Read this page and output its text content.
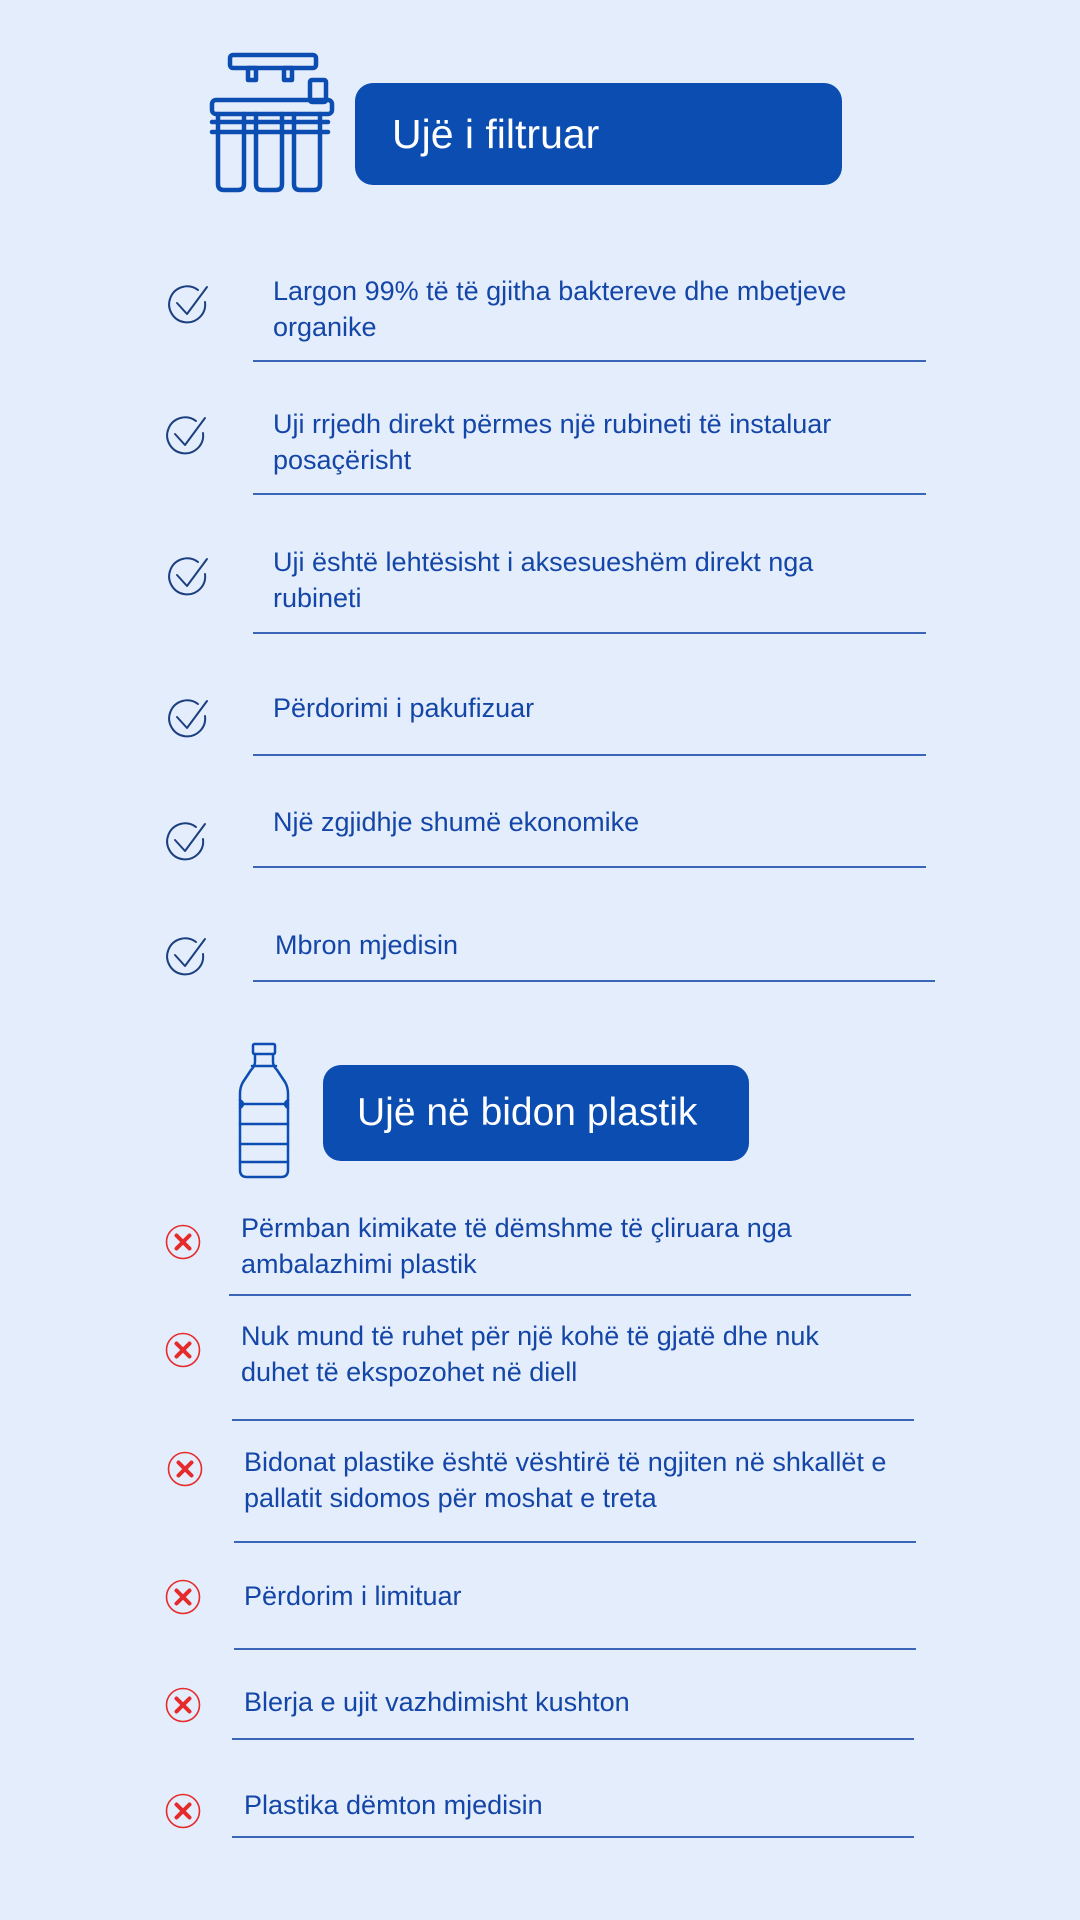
Ujë i filtruar
Largon 99% të të gjitha baktereve dhe mbetjeve organike
Uji rrjedh direkt përmes një rubineti të instaluar posaçërisht
Uji është lehtësisht i aksesueshëm direkt nga rubineti
Përdorimi i pakufizuar
Një zgjidhje shumë ekonomike
Mbron mjedisin
Ujë në bidon plastik
Përmban kimikate të dëmshme të çliruara nga ambalazhimi plastik
Nuk mund të ruhet për një kohë të gjatë dhe nuk duhet të ekspozohet në diell
Bidonat plastike është vështirë të ngjiten në shkallët e pallatit sidomos për moshat e treta
Përdorim i limituar
Blerja e ujit vazhdimisht kushton
Plastika dëmton mjedisin
